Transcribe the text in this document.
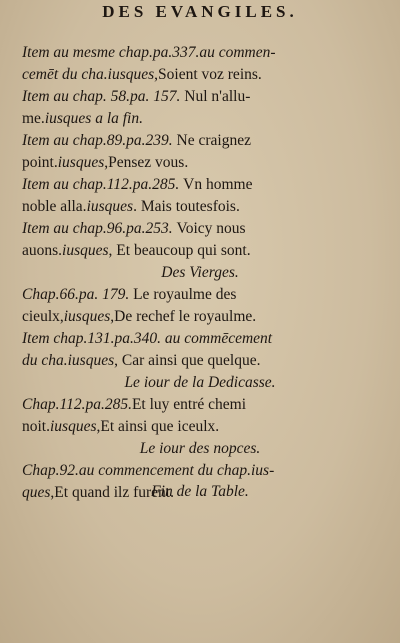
DES EVANGILES.
Item au mesme chap.pa.337.au commen-
cemēt du cha.iusques,Soient voz reins.
Item au chap. 58.pa. 157. Nul n'allu-
me.iusques a la fin.
Item au chap.89.pa.239. Ne craignez
point.iusques,Pensez vous.
Item au chap.112.pa.285. Vn homme
noble alla.iusques. Mais toutesfois.
Item au chap.96.pa.253. Voicy nous
auons.iusques, Et beaucoup qui sont.
Des Vierges.
Chap.66.pa. 179. Le royaulme des
cieulx,iusques,De rechef le royaulme.
Item chap.131.pa.340. au commēcement
du cha.iusques, Car ainsi que quelque.
Le iour de la Dedicasse.
Chap.112.pa.285.Et luy entré chemi
noit.iusques,Et ainsi que iceulx.
Le iour des nopces.
Chap.92.au commencement du chap.ius-
ques,Et quand ilz furent.
Fin de la Table.
